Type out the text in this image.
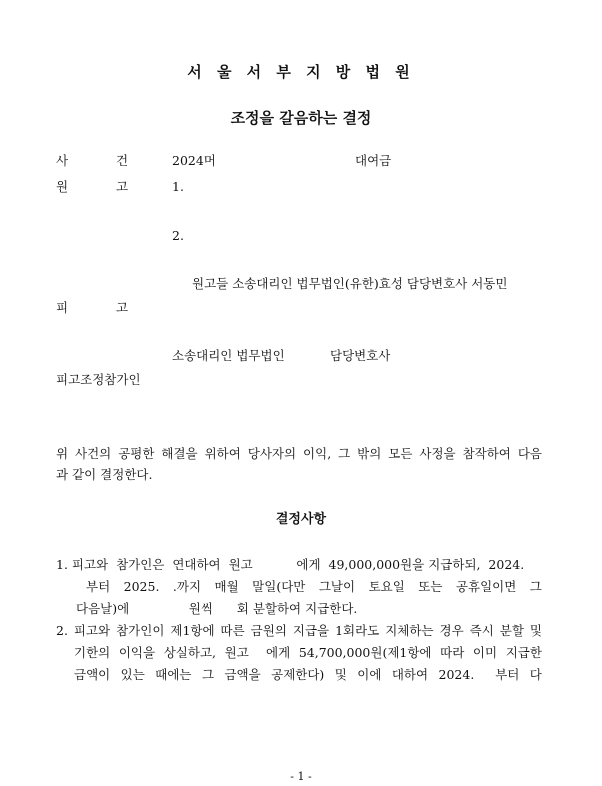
서 울 서 부 지 방 법 원
조정을 갈음하는 결정
사	건	2024머	대여금
원	고	1.
2.
원고들 소송대리인 법무법인(유한)효성 담당변호사 서동민
피	고
소송대리인 법무법인	담당변호사
피고조정참가인
위 사건의 공평한 해결을 위하여 당사자의 이익, 그 밖의 모든 사정을 참작하여 다음
과 같이 결정한다.
결정사항
1. 피고와  참가인은  연대하여  원고           에게  49,000,000원을 지급하되,  2024.
부터 2025. .까지 매월 말일(다만 그날이 토요일 또는 공휴일이면 그
다음날)에               원씩      회 분할하여 지급한다.
2. 피고와 참가인이 제1항에 따른 금원의 지급을 1회라도 지체하는 경우 즉시 분할 및
기한의 이익을 상실하고, 원고 에게 54,700,000원(제1항에 따라 이미 지급한
금액이 있는 때에는 그 금액을 공제한다) 및 이에 대하여 2024. 부터 다
- 1 -
